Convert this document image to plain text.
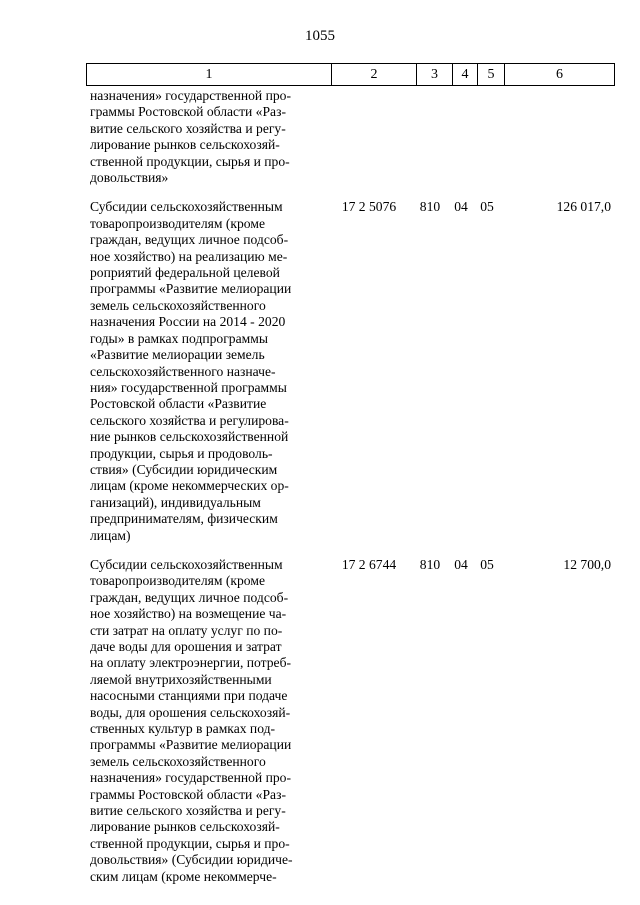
1055
1	2	3	4	5	6
назначения» государственной про-
граммы Ростовской области «Раз-
витие сельского хозяйства и регу-
лирование рынков сельскохозяй-
ственной продукции, сырья и про-
довольствия»
Субсидии сельскохозяйственным
товаропроизводителям (кроме
граждан, ведущих личное подсоб-
ное хозяйство) на реализацию ме-
роприятий федеральной целевой
программы «Развитие мелиорации
земель сельскохозяйственного
назначения России на 2014 - 2020
годы» в рамках подпрограммы
«Развитие мелиорации земель
сельскохозяйственного назначе-
ния» государственной программы
Ростовской области «Развитие
сельского хозяйства и регулирова-
ние рынков сельскохозяйственной
продукции, сырья и продоволь-
ствия» (Субсидии юридическим
лицам (кроме некоммерческих ор-
ганизаций), индивидуальным
предпринимателям, физическим
лицам)
17 2 5076	810	04 05	126 017,0
Субсидии сельскохозяйственным
товаропроизводителям (кроме
граждан, ведущих личное подсоб-
ное хозяйство) на возмещение ча-
сти затрат на оплату услуг по по-
даче воды для орошения и затрат
на оплату электроэнергии, потреб-
ляемой внутрихозяйственными
насосными станциями при подаче
воды, для орошения сельскохозяй-
ственных культур в рамках под-
программы «Развитие мелиорации
земель сельскохозяйственного
назначения» государственной про-
граммы Ростовской области «Раз-
витие сельского хозяйства и регу-
лирование рынков сельскохозяй-
ственной продукции, сырья и про-
довольствия» (Субсидии юридиче-
ским лицам (кроме некоммерче-
17 2 6744	810	04 05	12 700,0
